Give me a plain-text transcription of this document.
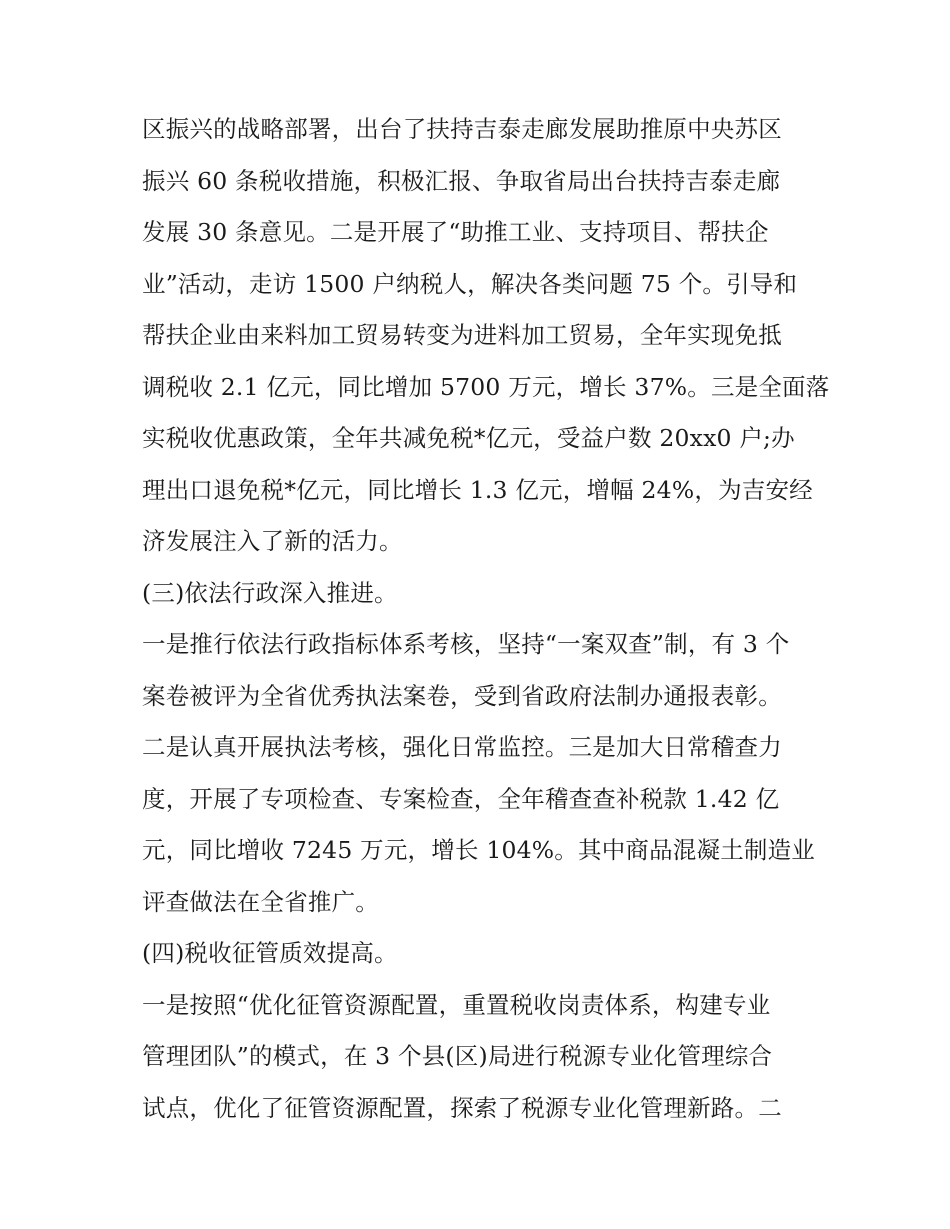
区振兴的战略部署，出台了扶持吉泰走廊发展助推原中央苏区
振兴 60 条税收措施，积极汇报、争取省局出台扶持吉泰走廊
发展 30 条意见。二是开展了“助推工业、支持项目、帮扶企
业”活动，走访 1500 户纳税人，解决各类问题 75 个。引导和
帮扶企业由来料加工贸易转变为进料加工贸易，全年实现免抵
调税收 2.1 亿元，同比增加 5700 万元，增长 37%。三是全面落
实税收优惠政策，全年共减免税*亿元，受益户数 20xx0 户;办
理出口退免税*亿元，同比增长 1.3 亿元，增幅 24%，为吉安经
济发展注入了新的活力。
(三)依法行政深入推进。
一是推行依法行政指标体系考核，坚持“一案双查”制，有 3 个
案卷被评为全省优秀执法案卷，受到省政府法制办通报表彰。
二是认真开展执法考核，强化日常监控。三是加大日常稽查力
度，开展了专项检查、专案检查，全年稽查查补税款 1.42 亿
元，同比增收 7245 万元，增长 104%。其中商品混凝土制造业
评查做法在全省推广。
(四)税收征管质效提高。
一是按照“优化征管资源配置，重置税收岗责体系，构建专业
管理团队”的模式，在 3 个县(区)局进行税源专业化管理综合
试点，优化了征管资源配置，探索了税源专业化管理新路。二
